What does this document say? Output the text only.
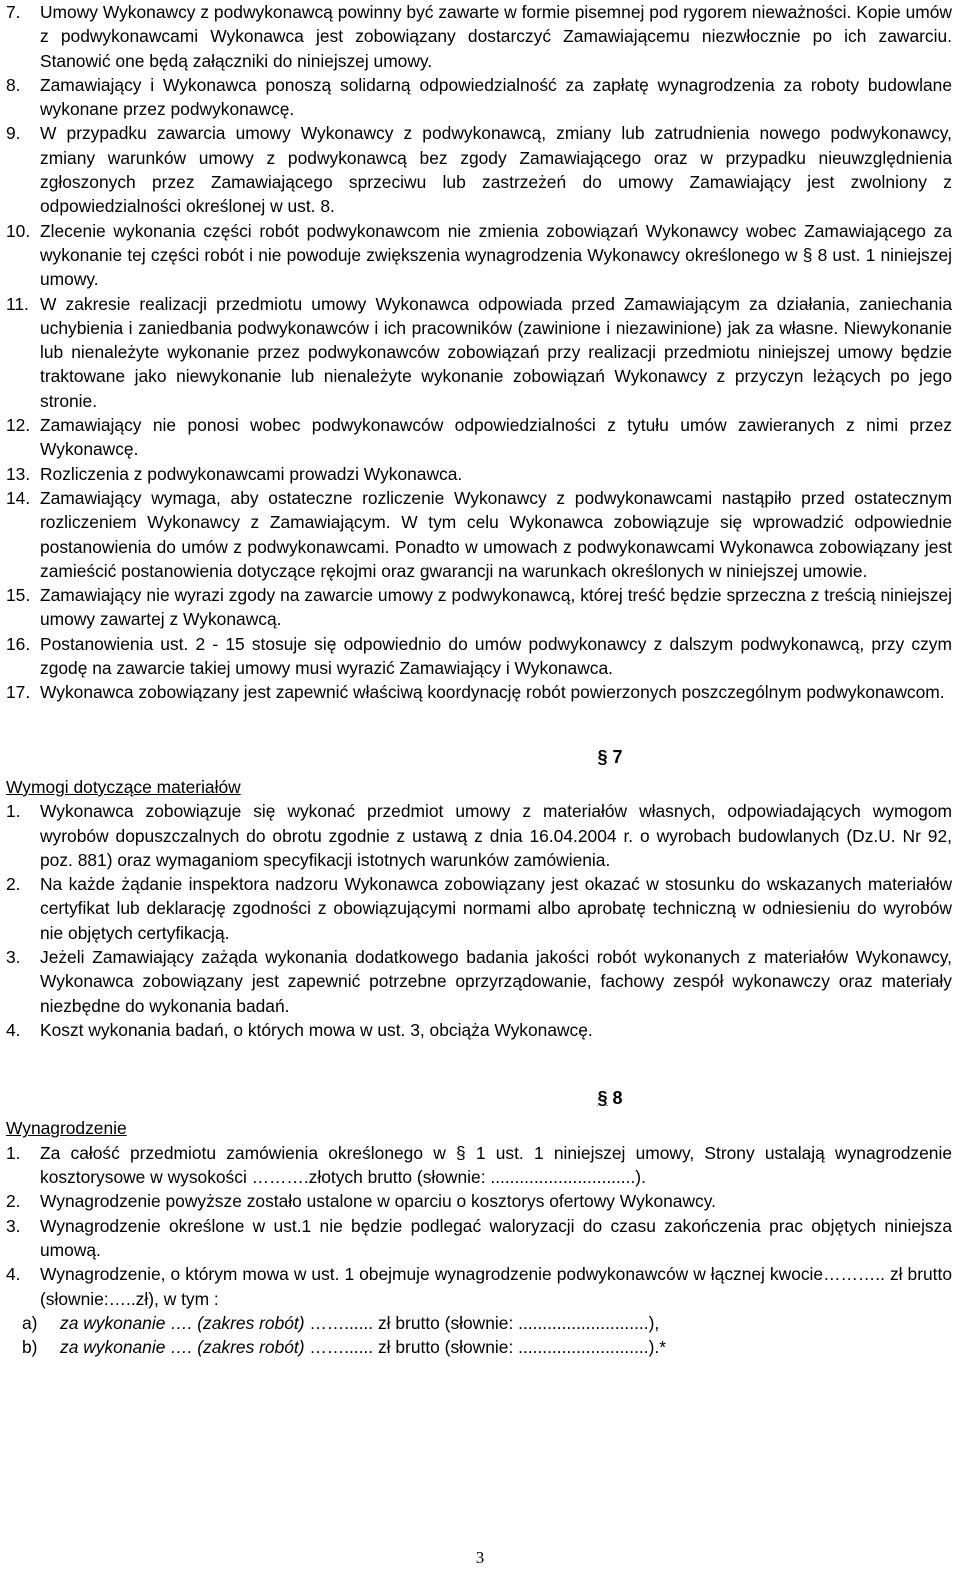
7. Umowy Wykonawcy z podwykonawcą powinny być zawarte w formie pisemnej pod rygorem nieważności. Kopie umów z podwykonawcami Wykonawca jest zobowiązany dostarczyć Zamawiającemu niezwłocznie po ich zawarciu. Stanowić one będą załączniki do niniejszej umowy.
8. Zamawiający i Wykonawca ponoszą solidarną odpowiedzialność za zapłatę wynagrodzenia za roboty budowlane wykonane przez podwykonawcę.
9. W przypadku zawarcia umowy Wykonawcy z podwykonawcą, zmiany lub zatrudnienia nowego podwykonawcy, zmiany warunków umowy z podwykonawcą bez zgody Zamawiającego oraz w przypadku nieuwzględnienia zgłoszonych przez Zamawiającego sprzeciwu lub zastrzeżeń do umowy Zamawiający jest zwolniony z odpowiedzialności określonej w ust. 8.
10. Zlecenie wykonania części robót podwykonawcom nie zmienia zobowiązań Wykonawcy wobec Zamawiającego za wykonanie tej części robót i nie powoduje zwiększenia wynagrodzenia Wykonawcy określonego w § 8 ust. 1 niniejszej umowy.
11. W zakresie realizacji przedmiotu umowy Wykonawca odpowiada przed Zamawiającym za działania, zaniechania uchybienia i zaniedbania podwykonawców i ich pracowników (zawinione i niezawinione) jak za własne. Niewykonanie lub nienależyte wykonanie przez podwykonawców zobowiązań przy realizacji przedmiotu niniejszej umowy będzie traktowane jako niewykonanie lub nienależyte wykonanie zobowiązań Wykonawcy z przyczyn leżących po jego stronie.
12. Zamawiający nie ponosi wobec podwykonawców odpowiedzialności z tytułu umów zawieranych z nimi przez Wykonawcę.
13. Rozliczenia z podwykonawcami prowadzi Wykonawca.
14. Zamawiający wymaga, aby ostateczne rozliczenie Wykonawcy z podwykonawcami nastąpiło przed ostatecznym rozliczeniem Wykonawcy z Zamawiającym. W tym celu Wykonawca zobowiązuje się wprowadzić odpowiednie postanowienia do umów z podwykonawcami. Ponadto w umowach z podwykonawcami Wykonawca zobowiązany jest zamieścić postanowienia dotyczące rękojmi oraz gwarancji na warunkach określonych w niniejszej umowie.
15. Zamawiający nie wyrazi zgody na zawarcie umowy z podwykonawcą, której treść będzie sprzeczna z treścią niniejszej umowy zawartej z Wykonawcą.
16. Postanowienia ust. 2 - 15 stosuje się odpowiednio do umów podwykonawcy z dalszym podwykonawcą, przy czym zgodę na zawarcie takiej umowy musi wyrazić Zamawiający i Wykonawca.
17. Wykonawca zobowiązany jest zapewnić właściwą koordynację robót powierzonych poszczególnym podwykonawcom.
§ 7
Wymogi dotyczące materiałów
1. Wykonawca zobowiązuje się wykonać przedmiot umowy z materiałów własnych, odpowiadających wymogom wyrobów dopuszczalnych do obrotu zgodnie z ustawą z dnia 16.04.2004 r. o wyrobach budowlanych (Dz.U. Nr 92, poz. 881) oraz wymaganiom specyfikacji istotnych warunków zamówienia.
2. Na każde żądanie inspektora nadzoru Wykonawca zobowiązany jest okazać w stosunku do wskazanych materiałów certyfikat lub deklarację zgodności z obowiązującymi normami albo aprobatę techniczną w odniesieniu do wyrobów nie objętych certyfikacją.
3. Jeżeli Zamawiający zażąda wykonania dodatkowego badania jakości robót wykonanych z materiałów Wykonawcy, Wykonawca zobowiązany jest zapewnić potrzebne oprzyrządowanie, fachowy zespół wykonawczy oraz materiały niezbędne do wykonania badań.
4. Koszt wykonania badań, o których mowa w ust. 3, obciąża Wykonawcę.
§ 8
Wynagrodzenie
1. Za całość przedmiotu zamówienia określonego w § 1 ust. 1 niniejszej umowy, Strony ustalają wynagrodzenie kosztorysowe w wysokości ……….złotych brutto (słownie: ..............................).
2. Wynagrodzenie powyższe zostało ustalone w oparciu o kosztorys ofertowy Wykonawcy.
3. Wynagrodzenie określone w ust.1 nie będzie podlegać waloryzacji do czasu zakończenia prac objętych niniejsza umową.
4. Wynagrodzenie, o którym mowa w ust. 1 obejmuje wynagrodzenie podwykonawców w łącznej kwocie……….. zł brutto (słownie:…..zł), w tym :
a) za wykonanie …. (zakres robót) ……...... zł brutto (słownie: ...........................),
b) za wykonanie …. (zakres robót) ……...... zł brutto (słownie: ...........................).*
3
